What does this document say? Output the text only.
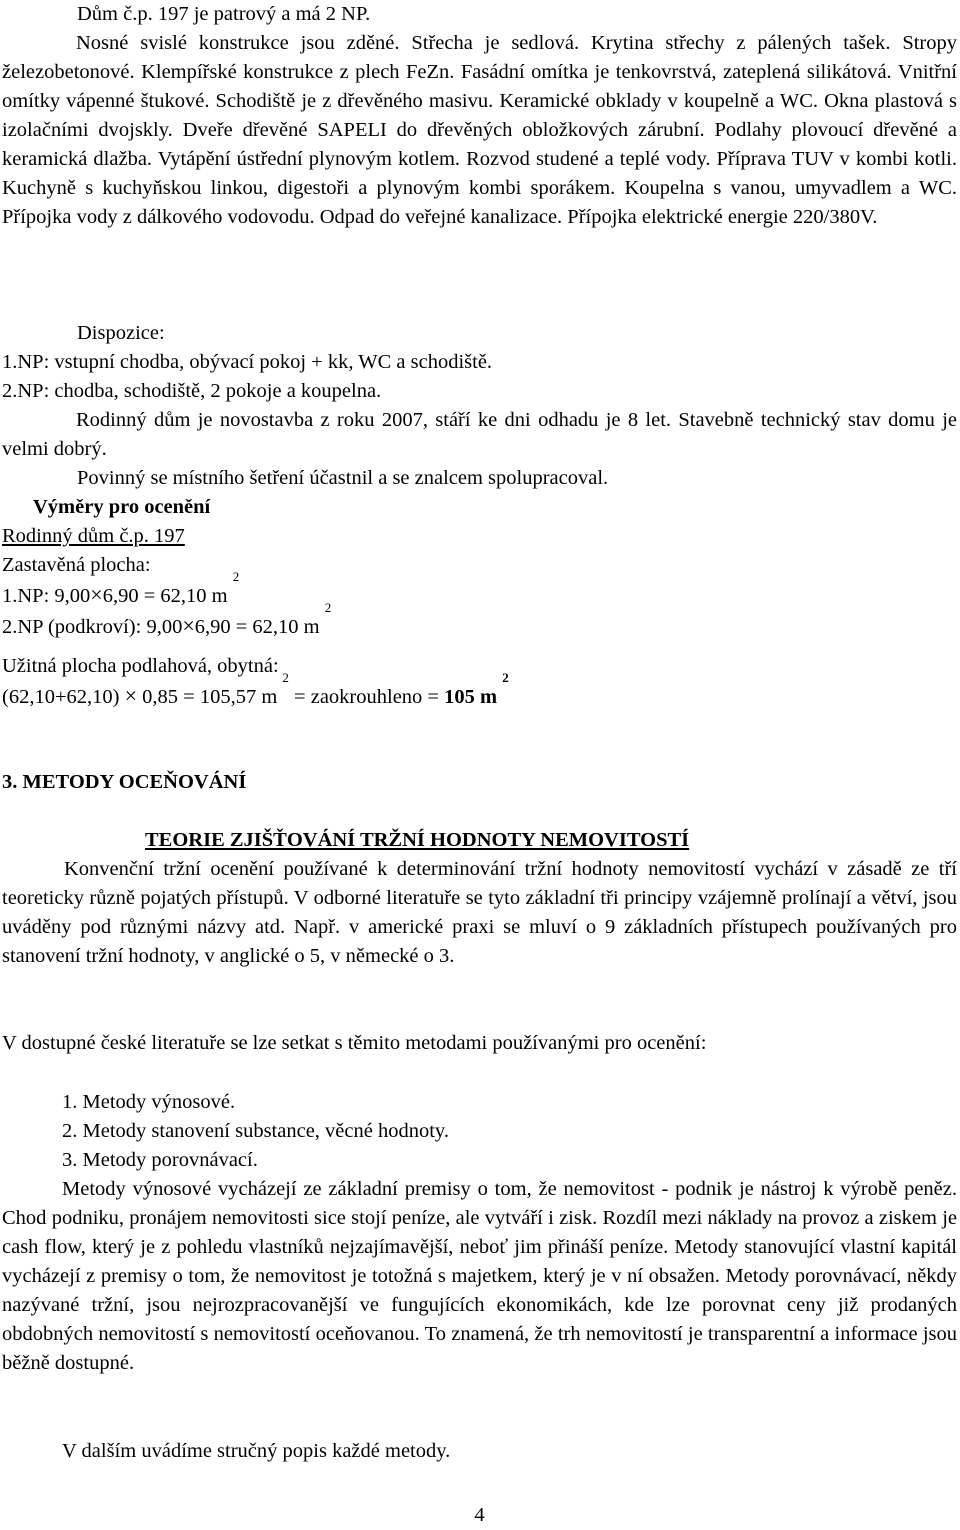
Dům č.p. 197 je patrový a má 2 NP.
Nosné svislé konstrukce jsou zděné. Střecha je sedlová. Krytina střechy z pálených tašek. Stropy železobetonové. Klempířské konstrukce z plech FeZn. Fasádní omítka je tenkovrstvá, zateplená silikátová. Vnitřní omítky vápenné štukové. Schodiště je z dřevěného masivu. Keramické obklady v koupelně a WC. Okna plastová s izolačními dvojskly. Dveře dřevěné SAPELI do dřevěných obložkových zárubní. Podlahy plovoucí dřevěné a keramická dlažba. Vytápění ústřední plynovým kotlem. Rozvod studené a teplé vody. Příprava TUV v kombi kotli. Kuchyně s kuchyňskou linkou, digestoři a plynovým kombi sporákem. Koupelna s vanou, umyvadlem a WC. Přípojka vody z dálkového vodovodu. Odpad do veřejné kanalizace. Přípojka elektrické energie 220/380V.
Dispozice:
1.NP: vstupní chodba, obývací pokoj + kk, WC a schodiště.
2.NP: chodba, schodiště, 2 pokoje a koupelna.
Rodinný dům je novostavba z roku 2007, stáří ke dni odhadu je 8 let. Stavebně technický stav domu je velmi dobrý.
Povinný se místního šetření účastnil a se znalcem spolupracoval.
Výměry pro ocenění
Rodinný dům č.p. 197
Zastavěná plocha:
1.NP: 9,00×6,90 = 62,10 m $^2$
2.NP (podkroví): 9,00×6,90 = 62,10 m $^2$
Užitná plocha podlahová, obytná:
(62,10+62,10) × 0,85 = 105,57 m $^2$ = zaokrouhleno = 105 m $^2$
3. METODY OCEŇOVÁNÍ
TEORIE ZJIŠŤOVÁNÍ TRŽNÍ HODNOTY NEMOVITOSTÍ
Konvenční tržní ocenění používané k determinování tržní hodnoty nemovitostí vychází v zásadě ze tří teoreticky různě pojatých přístupů. V odborné literatuře se tyto základní tři principy vzájemně prolínají a větví, jsou uváděny pod různými názvy atd. Např. v americké praxi se mluví o 9 základních přístupech používaných pro stanovení tržní hodnoty, v anglické o 5, v německé o 3.
V dostupné české literatuře se lze setkat s těmito metodami používanými pro ocenění:
1. Metody výnosové.
2. Metody stanovení substance, věcné hodnoty.
3. Metody porovnávací.
Metody výnosové vycházejí ze základní premisy o tom, že nemovitost - podnik je nástroj k výrobě peněz. Chod podniku, pronájem nemovitosti sice stojí peníze, ale vytváří i zisk. Rozdíl mezi náklady na provoz a ziskem je cash flow, který je z pohledu vlastníků nejzajímavější, neboť jim přináší peníze. Metody stanovující vlastní kapitál vycházejí z premisy o tom, že nemovitost je totožná s majetkem, který je v ní obsažen. Metody porovnávací, někdy nazývané tržní, jsou nejrozpracovanější ve fungujících ekonomikách, kde lze porovnat ceny již prodaných obdobných nemovitostí s nemovitostí oceňovanou. To znamená, že trh nemovitostí je transparentní a informace jsou běžně dostupné.
V dalším uvádíme stručný popis každé metody.
4
